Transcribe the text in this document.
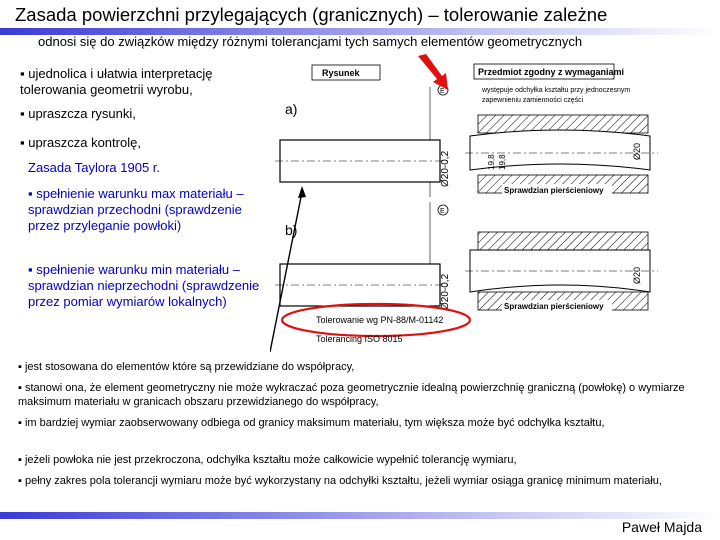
Zasada powierzchni przylegających (granicznych) – tolerowanie zależne
odnosi się do związków między różnymi tolerancjami tych samych elementów geometrycznych
▪ ujednolica i ułatwia interpretację tolerowania geometrii wyrobu,
▪ upraszcza rysunki,
▪ upraszcza kontrolę,
Zasada Taylora 1905 r.
▪ spełnienie warunku max materiału – sprawdzian przechodni (sprawdzenie przez przyleganie powłoki)
▪ spełnienie warunku min materiału – sprawdzian nieprzechodni (sprawdzenie przez pomiar wymiarów lokalnych)
Rysunek	Przedmiot zgodny z wymaganiami
występuje odchyłka kształtu przy jednoczesnym
zapewnieniu zamienności części
a)
Ø20-0,2
E
19,8 19,8
Ø20
Sprawdzian pierścieniowy
b)
Ø20-0,2
E
Ø20
Sprawdzian pierścieniowy
Tolerowanie wg PN-88/M-01142
Tolerancing ISO 8015
▪ jest stosowana do elementów które są przewidziane do współpracy,
▪ stanowi ona, że element geometryczny nie może wykraczać poza geometrycznie idealną powierzchnię graniczną (powłokę) o wymiarze maksimum materiału w granicach obszaru przewidzianego do współpracy,
▪ im bardziej wymiar zaobserwowany odbiega od granicy maksimum materiału, tym większa może być odchyłka kształtu,
▪ jeżeli powłoka nie jest przekroczona, odchyłka kształtu może całkowicie wypełnić tolerancję wymiaru,
▪ pełny zakres pola tolerancji wymiaru może być wykorzystany na odchyłki kształtu, jeżeli wymiar osiąga granicę minimum materiału,
Paweł Majda
